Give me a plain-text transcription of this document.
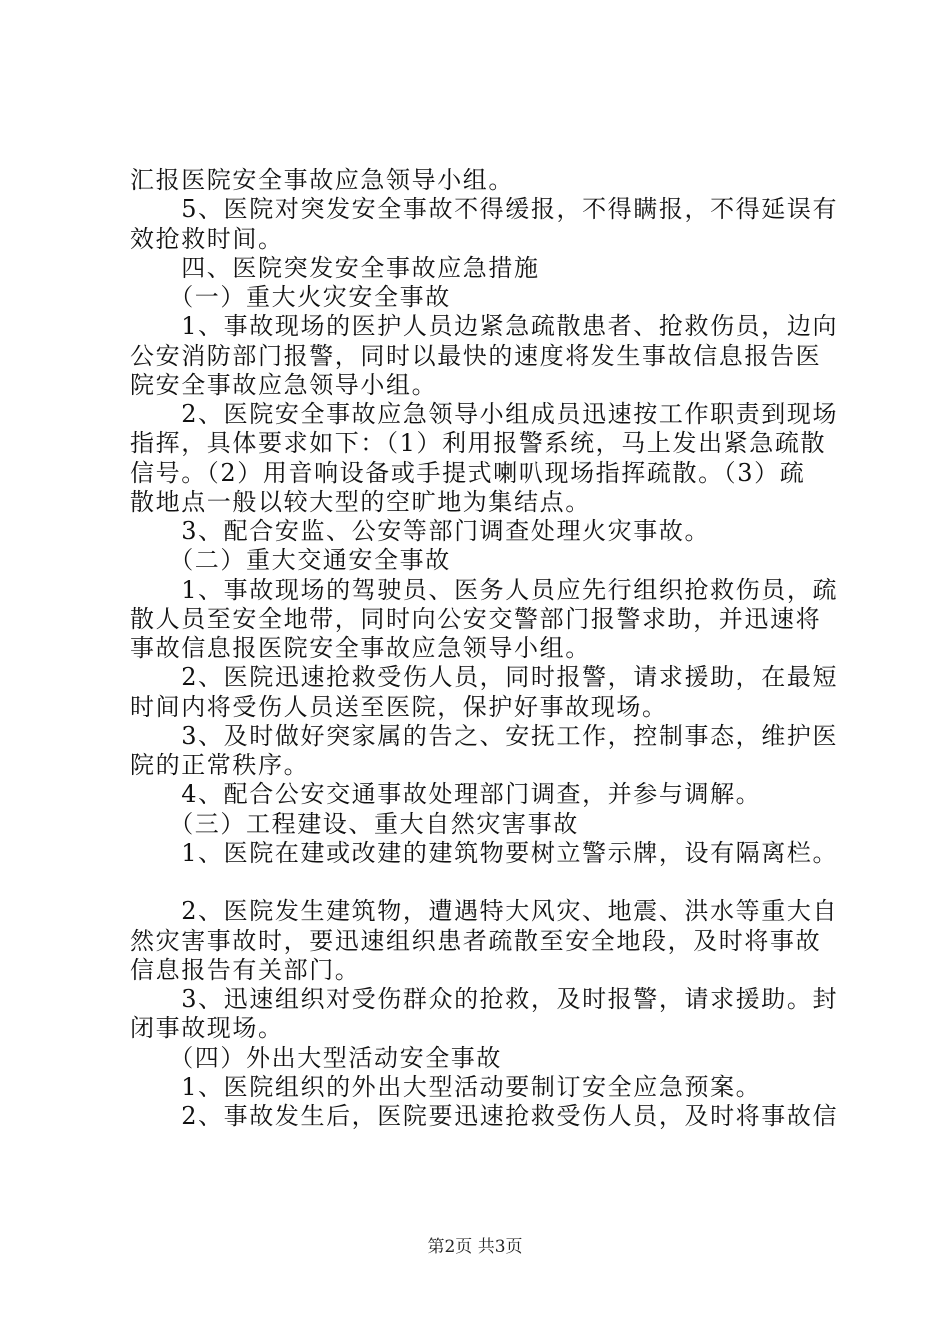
汇报医院安全事故应急领导小组。
　　5、医院对突发安全事故不得缓报，不得瞒报，不得延误有
效抢救时间。
　　四、医院突发安全事故应急措施
　　（一）重大火灾安全事故
　　1、事故现场的医护人员边紧急疏散患者、抢救伤员，边向
公安消防部门报警，同时以最快的速度将发生事故信息报告医
院安全事故应急领导小组。
　　2、医院安全事故应急领导小组成员迅速按工作职责到现场
指挥，具体要求如下：（1）利用报警系统，马上发出紧急疏散
信号。（2）用音响设备或手提式喇叭现场指挥疏散。（3）疏
散地点一般以较大型的空旷地为集结点。
　　3、配合安监、公安等部门调查处理火灾事故。
　　（二）重大交通安全事故
　　1、事故现场的驾驶员、医务人员应先行组织抢救伤员，疏
散人员至安全地带，同时向公安交警部门报警求助，并迅速将
事故信息报医院安全事故应急领导小组。
　　2、医院迅速抢救受伤人员，同时报警，请求援助，在最短
时间内将受伤人员送至医院，保护好事故现场。
　　3、及时做好突家属的告之、安抚工作，控制事态，维护医
院的正常秩序。
　　4、配合公安交通事故处理部门调查，并参与调解。
　　（三）工程建设、重大自然灾害事故
　　1、医院在建或改建的建筑物要树立警示牌，设有隔离栏。
　　2、医院发生建筑物，遭遇特大风灾、地震、洪水等重大自
然灾害事故时，要迅速组织患者疏散至安全地段，及时将事故
信息报告有关部门。
　　3、迅速组织对受伤群众的抢救，及时报警，请求援助。封
闭事故现场。
　　（四）外出大型活动安全事故
　　1、医院组织的外出大型活动要制订安全应急预案。
　　2、事故发生后，医院要迅速抢救受伤人员，及时将事故信
第2页 共3页
